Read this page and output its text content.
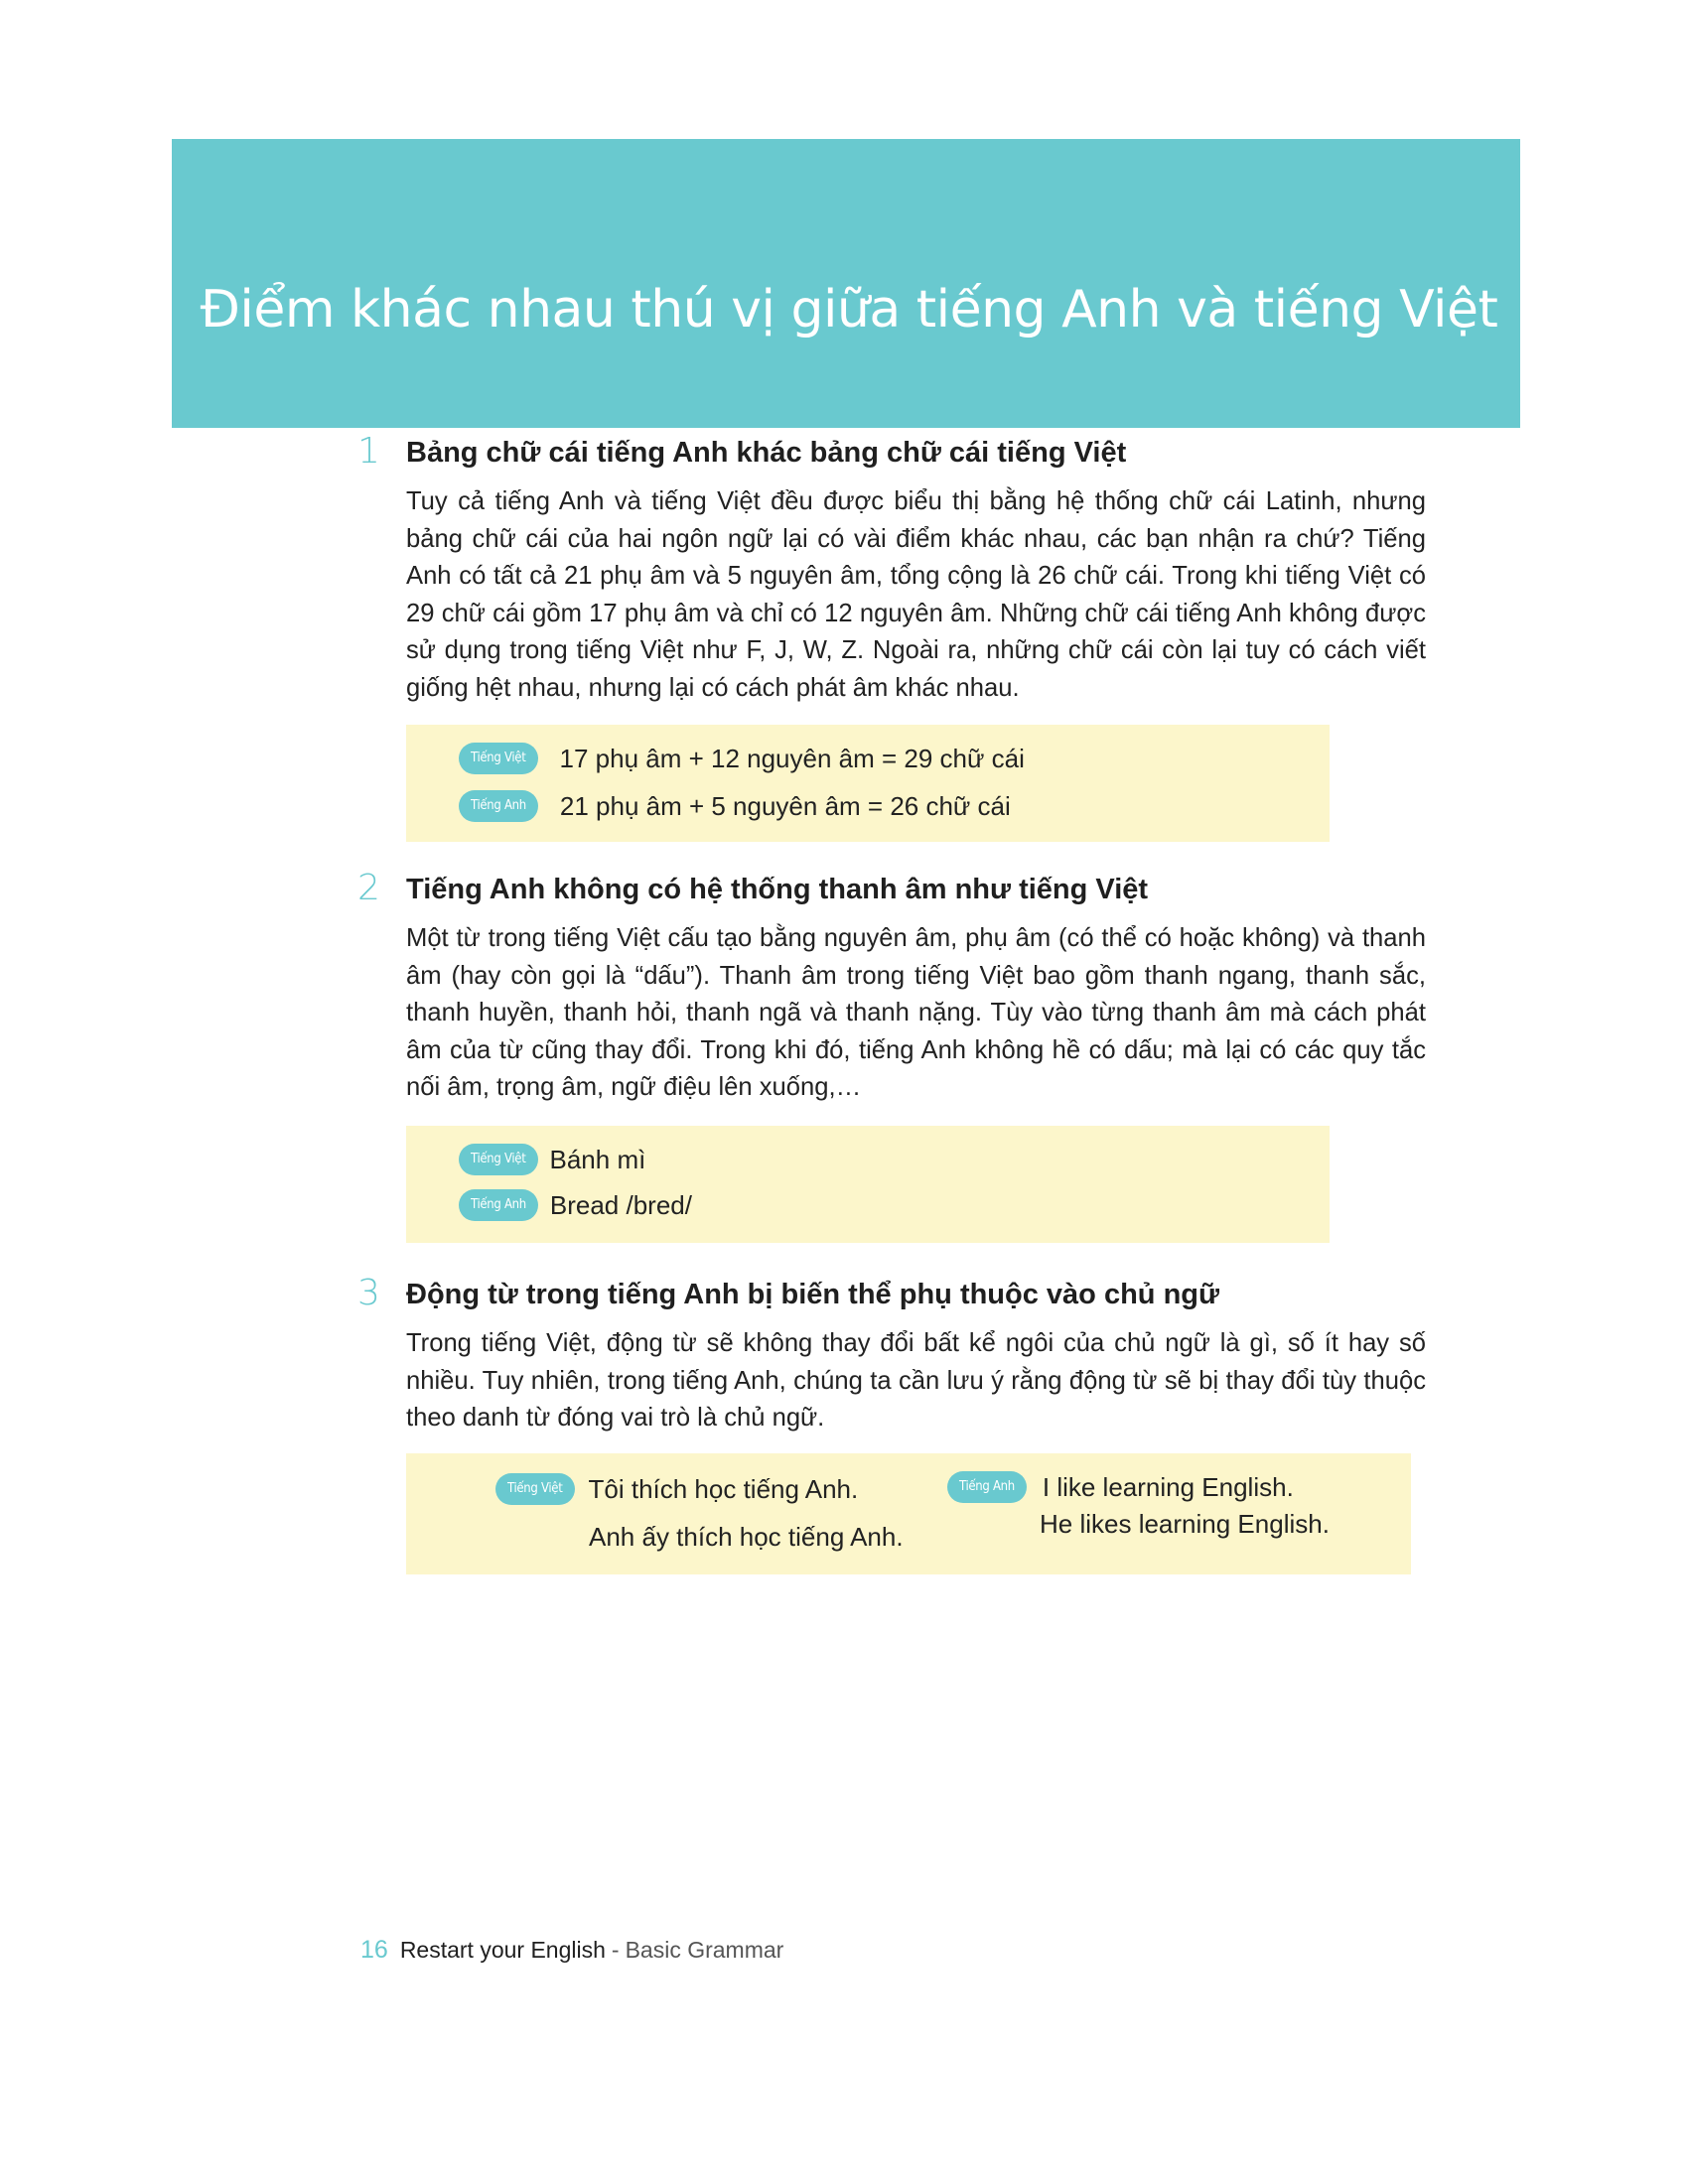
Điểm khác nhau thú vị giữa tiếng Anh và tiếng Việt
1 Bảng chữ cái tiếng Anh khác bảng chữ cái tiếng Việt

Tuy cả tiếng Anh và tiếng Việt đều được biểu thị bằng hệ thống chữ cái Latinh, nhưng bảng chữ cái của hai ngôn ngữ lại có vài điểm khác nhau, các bạn nhận ra chứ? Tiếng Anh có tất cả 21 phụ âm và 5 nguyên âm, tổng cộng là 26 chữ cái. Trong khi tiếng Việt có 29 chữ cái gồm 17 phụ âm và chỉ có 12 nguyên âm. Những chữ cái tiếng Anh không được sử dụng trong tiếng Việt như F, J, W, Z. Ngoài ra, những chữ cái còn lại tuy có cách viết giống hệt nhau, nhưng lại có cách phát âm khác nhau.

Tiếng Việt	17 phụ âm + 12 nguyên âm = 29 chữ cái
Tiếng Anh	21 phụ âm + 5 nguyên âm = 26 chữ cái
2 Tiếng Anh không có hệ thống thanh âm như tiếng Việt

Một từ trong tiếng Việt cấu tạo bằng nguyên âm, phụ âm (có thể có hoặc không) và thanh âm (hay còn gọi là “dấu”). Thanh âm trong tiếng Việt bao gồm thanh ngang, thanh sắc, thanh huyền, thanh hỏi, thanh ngã và thanh nặng. Tùy vào từng thanh âm mà cách phát âm của từ cũng thay đổi. Trong khi đó, tiếng Anh không hề có dấu; mà lại có các quy tắc nối âm, trọng âm, ngữ điệu lên xuống,…

Tiếng Việt Bánh mì
Tiếng Anh Bread /bred/
3 Động từ trong tiếng Anh bị biến thể phụ thuộc vào chủ ngữ

Trong tiếng Việt, động từ sẽ không thay đổi bất kể ngôi của chủ ngữ là gì, số ít hay số nhiều. Tuy nhiên, trong tiếng Anh, chúng ta cần lưu ý rằng động từ sẽ bị thay đổi tùy thuộc theo danh từ đóng vai trò là chủ ngữ.

Tiếng Việt	Tôi thích học tiếng Anh.
Anh ấy thích học tiếng Anh.
Tiếng Anh	I like learning English.
He likes learning English.
16 Restart your English - Basic Grammar
